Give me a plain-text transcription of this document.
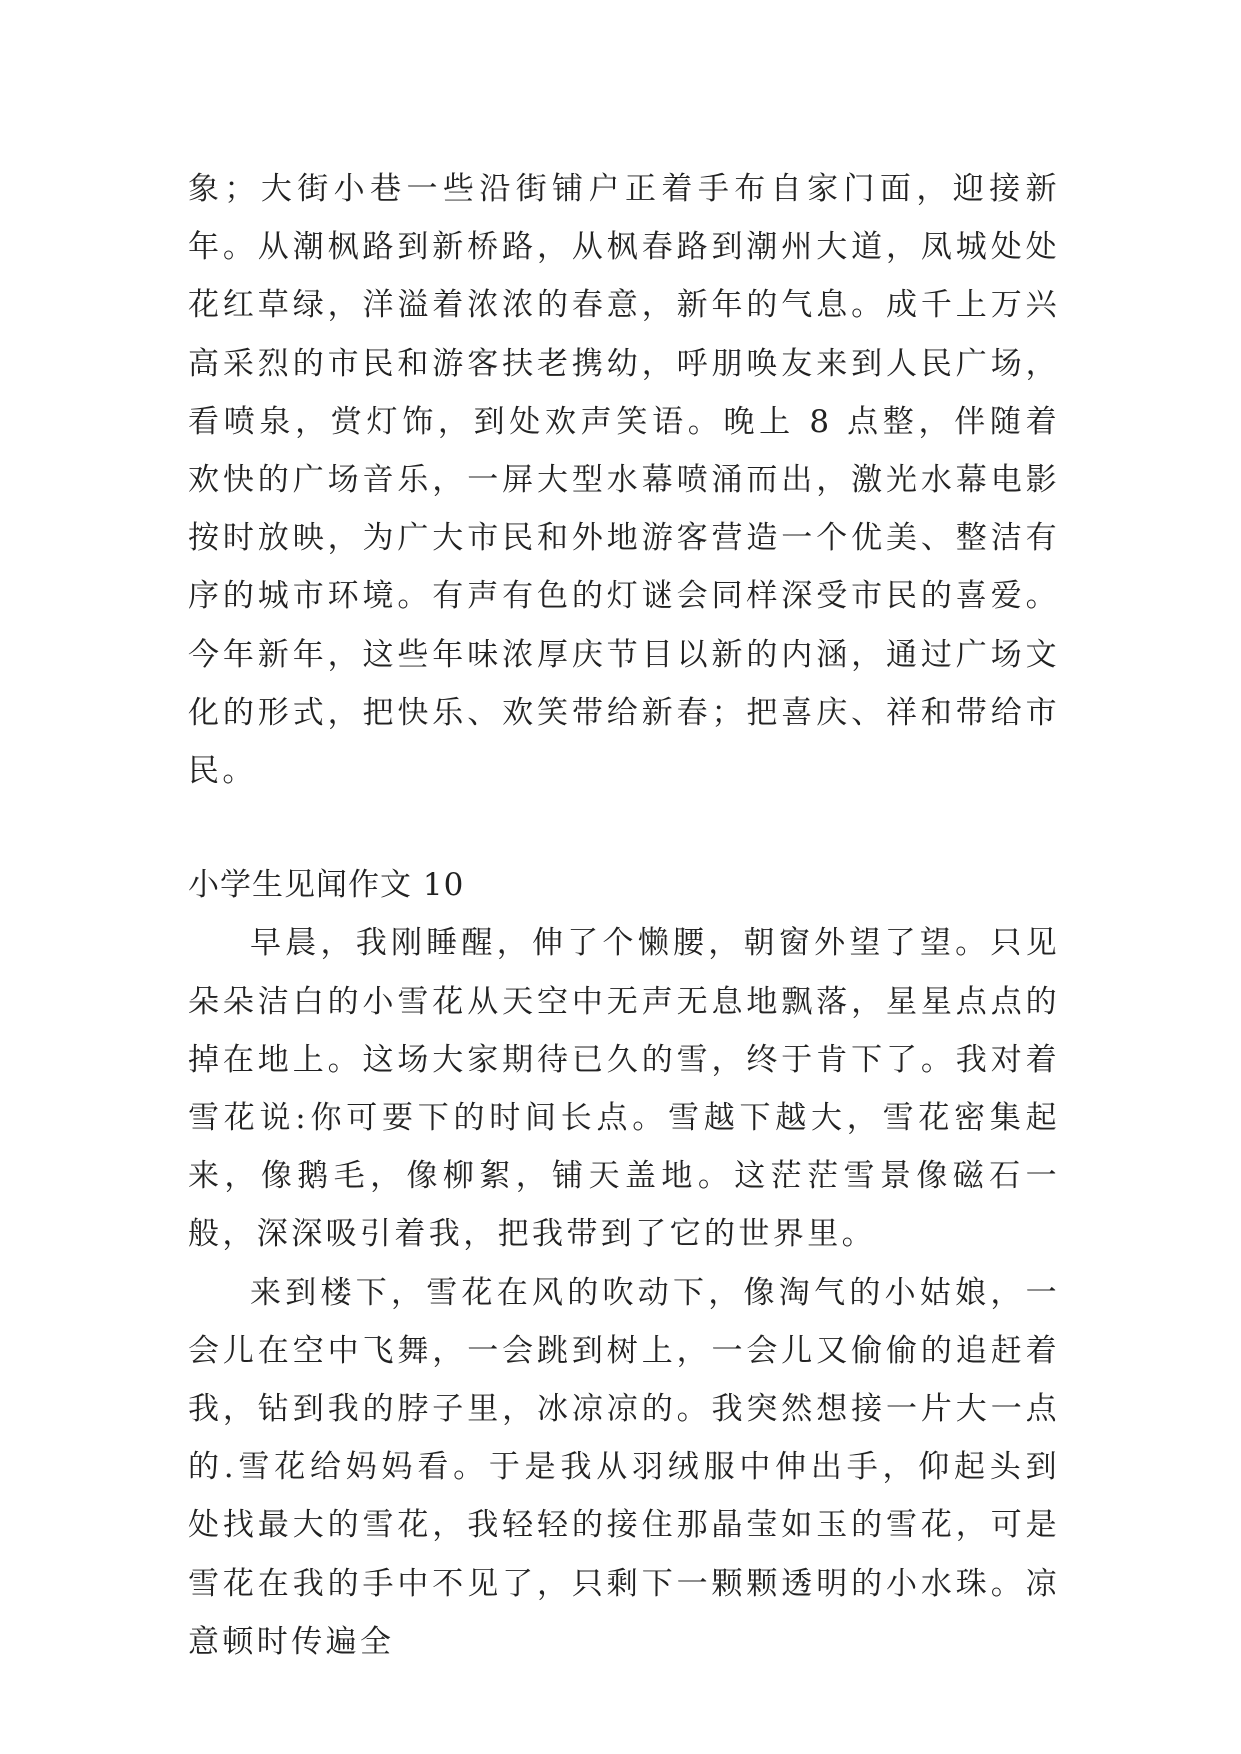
象；大街小巷一些沿街铺户正着手布自家门面，迎接新年。从潮枫路到新桥路，从枫春路到潮州大道，凤城处处花红草绿，洋溢着浓浓的春意，新年的气息。成千上万兴高采烈的市民和游客扶老携幼，呼朋唤友来到人民广场，看喷泉，赏灯饰，到处欢声笑语。晚上 8 点整，伴随着欢快的广场音乐，一屏大型水幕喷涌而出，激光水幕电影按时放映，为广大市民和外地游客营造一个优美、整洁有序的城市环境。有声有色的灯谜会同样深受市民的喜爱。今年新年，这些年味浓厚庆节目以新的内涵，通过广场文化的形式，把快乐、欢笑带给新春；把喜庆、祥和带给市民。

小学生见闻作文 10

早晨，我刚睡醒，伸了个懒腰，朝窗外望了望。只见朵朵洁白的小雪花从天空中无声无息地飘落，星星点点的掉在地上。这场大家期待已久的雪，终于肯下了。我对着雪花说:你可要下的时间长点。雪越下越大，雪花密集起来，像鹅毛，像柳絮，铺天盖地。这茫茫雪景像磁石一般，深深吸引着我，把我带到了它的世界里。

来到楼下，雪花在风的吹动下，像淘气的小姑娘，一会儿在空中飞舞，一会跳到树上，一会儿又偷偷的追赶着我，钻到我的脖子里，冰凉凉的。我突然想接一片大一点的.雪花给妈妈看。于是我从羽绒服中伸出手，仰起头到处找最大的雪花，我轻轻的接住那晶莹如玉的雪花，可是雪花在我的手中不见了，只剩下一颗颗透明的小水珠。凉意顿时传遍全
